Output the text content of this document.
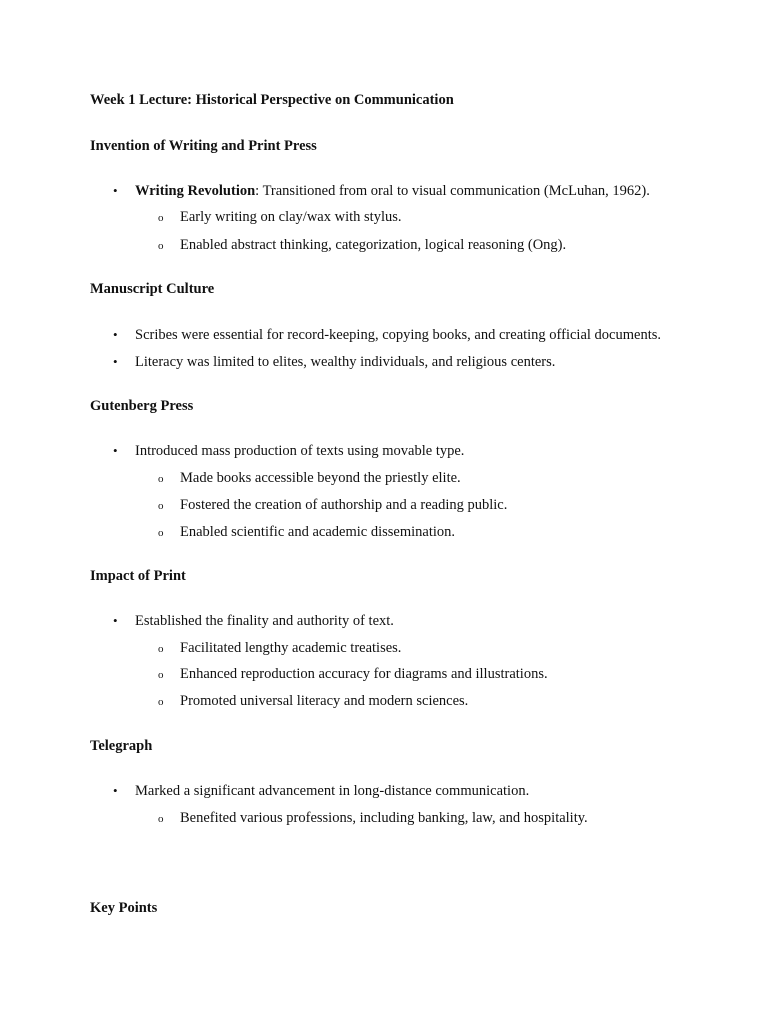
Week 1 Lecture: Historical Perspective on Communication
Invention of Writing and Print Press
• Writing Revolution: Transitioned from oral to visual communication (McLuhan, 1962).
o Early writing on clay/wax with stylus.
o Enabled abstract thinking, categorization, logical reasoning (Ong).
Manuscript Culture
• Scribes were essential for record-keeping, copying books, and creating official documents.
• Literacy was limited to elites, wealthy individuals, and religious centers.
Gutenberg Press
• Introduced mass production of texts using movable type.
o Made books accessible beyond the priestly elite.
o Fostered the creation of authorship and a reading public.
o Enabled scientific and academic dissemination.
Impact of Print
• Established the finality and authority of text.
o Facilitated lengthy academic treatises.
o Enhanced reproduction accuracy for diagrams and illustrations.
o Promoted universal literacy and modern sciences.
Telegraph
• Marked a significant advancement in long-distance communication.
o Benefited various professions, including banking, law, and hospitality.
Key Points
